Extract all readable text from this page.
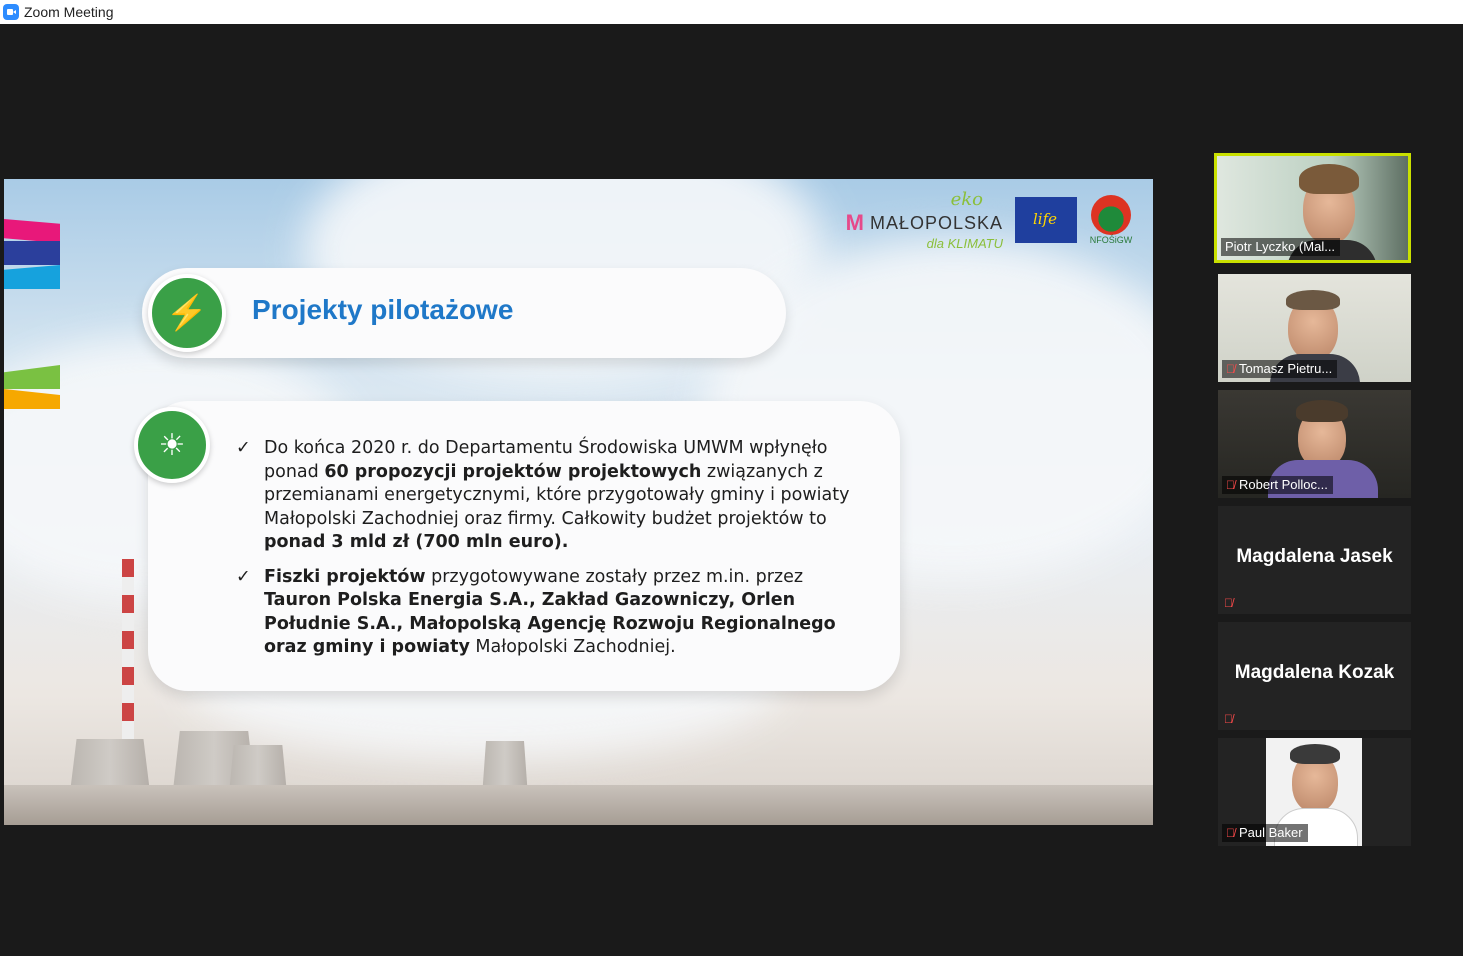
Zoom Meeting
eko
M MAŁOPOLSKA
dla KLIMATU
life	NFOŚiGW
⚡	Projekty pilotażowe
☀	✓ Do końca 2020 r. do Departamentu Środowiska UMWM wpłynęło ponad 60 propozycji projektów projektowych związanych z przemianami energetycznymi, które przygotowały gminy i powiaty Małopolski Zachodniej oraz firmy. Całkowity budżet projektów to ponad 3 mld zł (700 mln euro).
✓ Fiszki projektów przygotowywane zostały przez m.in. przez Tauron Polska Energia S.A., Zakład Gazowniczy, Orlen Południe S.A., Małopolską Agencję Rozwoju Regionalnego oraz gminy i powiaty Małopolski Zachodniej.
Piotr Lyczko (Mal...
🎙̸ Tomasz Pietru...
🎙̸ Robert Polloc...
Magdalena Jasek
🎙̸
Magdalena Kozak
🎙̸
🎙̸ Paul Baker
